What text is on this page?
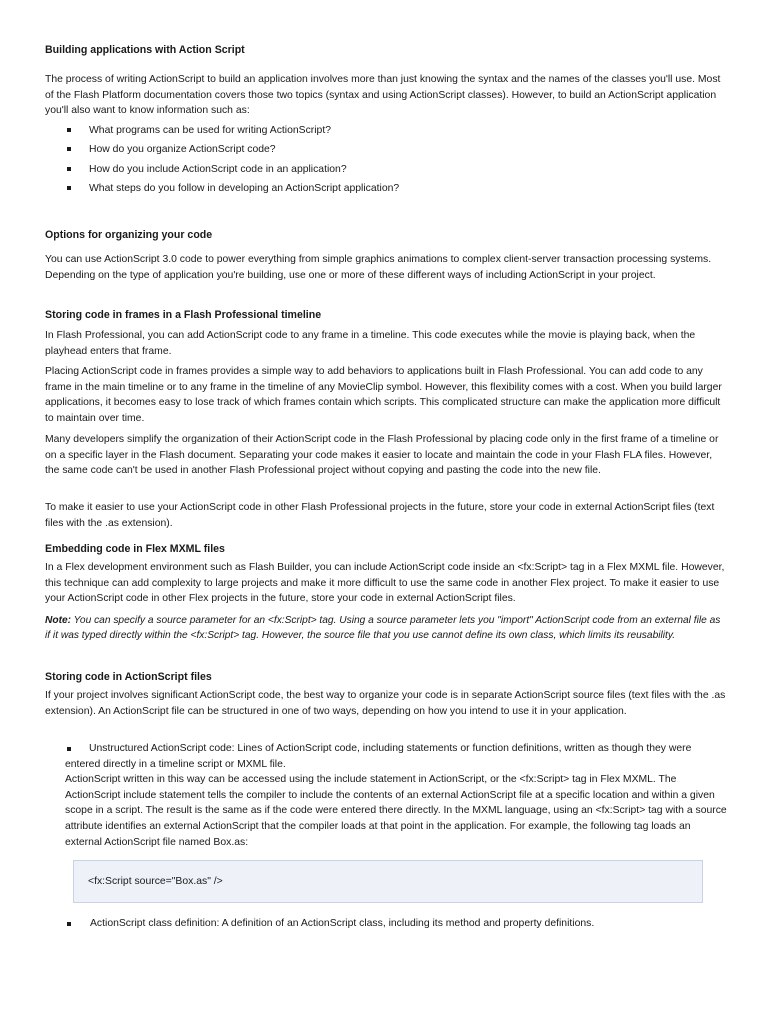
Building applications with Action Script

The process of writing ActionScript to build an application involves more than just knowing the syntax and the names of the classes you'll use. Most of the Flash Platform documentation covers those two topics (syntax and using ActionScript classes). However, to build an ActionScript application you'll also want to know information such as:

What programs can be used for writing ActionScript?
How do you organize ActionScript code?
How do you include ActionScript code in an application?
What steps do you follow in developing an ActionScript application?
Options for organizing your code

You can use ActionScript 3.0 code to power everything from simple graphics animations to complex client-server transaction processing systems. Depending on the type of application you're building, use one or more of these different ways of including ActionScript in your project.

Storing code in frames in a Flash Professional timeline

In Flash Professional, you can add ActionScript code to any frame in a timeline. This code executes while the movie is playing back, when the playhead enters that frame.

Placing ActionScript code in frames provides a simple way to add behaviors to applications built in Flash Professional. You can add code to any frame in the main timeline or to any frame in the timeline of any MovieClip symbol. However, this flexibility comes with a cost. When you build larger applications, it becomes easy to lose track of which frames contain which scripts. This complicated structure can make the application more difficult to maintain over time.

Many developers simplify the organization of their ActionScript code in the Flash Professional by placing code only in the first frame of a timeline or on a specific layer in the Flash document. Separating your code makes it easier to locate and maintain the code in your Flash FLA files. However, the same code can't be used in another Flash Professional project without copying and pasting the code into the new file.

To make it easier to use your ActionScript code in other Flash Professional projects in the future, store your code in external ActionScript files (text files with the .as extension).

Embedding code in Flex MXML files

In a Flex development environment such as Flash Builder, you can include ActionScript code inside an <fx:Script> tag in a Flex MXML file. However, this technique can add complexity to large projects and make it more difficult to use the same code in another Flex project. To make it easier to use your ActionScript code in other Flex projects in the future, store your code in external ActionScript files.

Note: You can specify a source parameter for an <fx:Script> tag. Using a source parameter lets you "import" ActionScript code from an external file as if it was typed directly within the <fx:Script> tag. However, the source file that you use cannot define its own class, which limits its reusability.

Storing code in ActionScript files

If your project involves significant ActionScript code, the best way to organize your code is in separate ActionScript source files (text files with the .as extension). An ActionScript file can be structured in one of two ways, depending on how you intend to use it in your application.

Unstructured ActionScript code: Lines of ActionScript code, including statements or function definitions, written as though they were entered directly in a timeline script or MXML file.

ActionScript written in this way can be accessed using the include statement in ActionScript, or the <fx:Script> tag in Flex MXML. The ActionScript include statement tells the compiler to include the contents of an external ActionScript file at a specific location and within a given scope in a script. The result is the same as if the code were entered there directly. In the MXML language, using an <fx:Script> tag with a source attribute identifies an external ActionScript that the compiler loads at that point in the application. For example, the following tag loads an external ActionScript file named Box.as:

<fx:Script source="Box.as" />

ActionScript class definition: A definition of an ActionScript class, including its method and property definitions.
